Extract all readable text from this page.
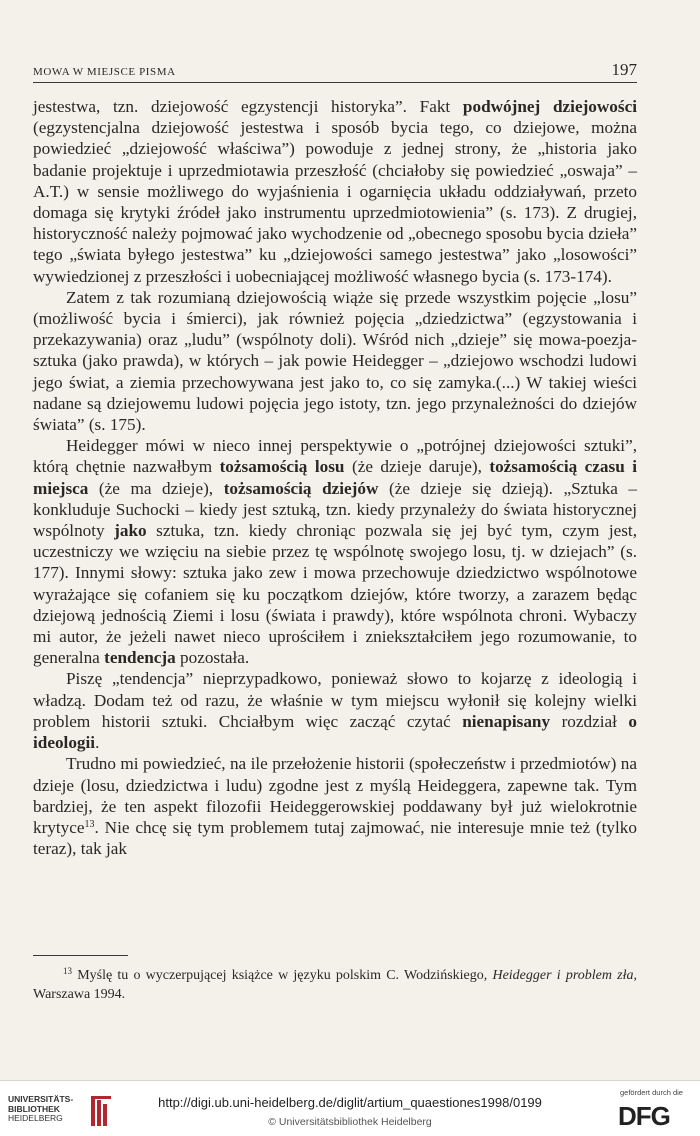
MOWA W MIEJSCE PISMA	197

jestestwa, tzn. dziejowość egzystencji historyka”. Fakt podwójnej dziejowości (egzystencjalna dziejowość jestestwa i sposób bycia tego, co dziejowe, można powiedzieć „dziejowość właściwa”) powoduje z jednej strony, że „historia jako badanie projektuje i uprzedmiotawia przeszłość (chciałoby się powiedzieć „oswaja” – A.T.) w sensie możliwego do wyjaśnienia i ogarnięcia układu oddziaływań, przeto domaga się krytyki źródeł jako instrumentu uprzedmiotowienia” (s. 173). Z drugiej, historyczność należy pojmować jako wychodzenie od „obecnego sposobu bycia dzieła” tego „świata byłego jestestwa” ku „dziejowości samego jestestwa” jako „losowości” wywiedzionej z przeszłości i uobecniającej możliwość własnego bycia (s. 173-174).

Zatem z tak rozumianą dziejowością wiąże się przede wszystkim pojęcie „losu” (możliwość bycia i śmierci), jak również pojęcia „dziedzictwa” (egzystowania i przekazywania) oraz „ludu” (wspólnoty doli). Wśród nich „dzieje” się mowa-poezja-sztuka (jako prawda), w których – jak powie Heidegger – „dziejowo wschodzi ludowi jego świat, a ziemia przechowywana jest jako to, co się zamyka.(...) W takiej wieści nadane są dziejowemu ludowi pojęcia jego istoty, tzn. jego przynależności do dziejów świata” (s. 175).

Heidegger mówi w nieco innej perspektywie o „potrójnej dziejowości sztuki”, którą chętnie nazwałbym tożsamością losu (że dzieje daruje), tożsamością czasu i miejsca (że ma dzieje), tożsamością dziejów (że dzieje się dzieją). „Sztuka – konkluduje Suchocki – kiedy jest sztuką, tzn. kiedy przynależy do świata historycznej wspólnoty jako sztuka, tzn. kiedy chroniąc pozwala się jej być tym, czym jest, uczestniczy we wzięciu na siebie przez tę wspólnotę swojego losu, tj. w dziejach” (s. 177). Innymi słowy: sztuka jako zew i mowa przechowuje dziedzictwo wspólnotowe wyrażające się cofaniem się ku początkom dziejów, które tworzy, a zarazem będąc dziejową jednością Ziemi i losu (świata i prawdy), które wspólnota chroni. Wybaczy mi autor, że jeżeli nawet nieco uprościłem i zniekształciłem jego rozumowanie, to generalna tendencja pozostała.

Piszę „tendencja” nieprzypadkowo, ponieważ słowo to kojarzę z ideologią i władzą. Dodam też od razu, że właśnie w tym miejscu wyłonił się kolejny wielki problem historii sztuki. Chciałbym więc zacząć czytać nienapisany rozdział o ideologii.

Trudno mi powiedzieć, na ile przełożenie historii (społeczeństw i przedmiotów) na dzieje (losu, dziedzictwa i ludu) zgodne jest z myślą Heideggera, zapewne tak. Tym bardziej, że ten aspekt filozofii Heideggerowskiej poddawany był już wielokrotnie krytyce$^{13}$. Nie chcę się tym problemem tutaj zajmować, nie interesuje mnie też (tylko teraz), tak jak

$^{13}$ Myślę tu o wyczerpującej książce w języku polskim C. Wodzińskiego, Heidegger i problem zła, Warszawa 1994.
UNIVERSITÄTS-
BIBLIOTHEK
HEIDELBERG
http://digi.ub.uni-heidelberg.de/diglit/artium_quaestiones1998/0199
© Universitätsbibliothek Heidelberg
gefördert durch die
DFG
